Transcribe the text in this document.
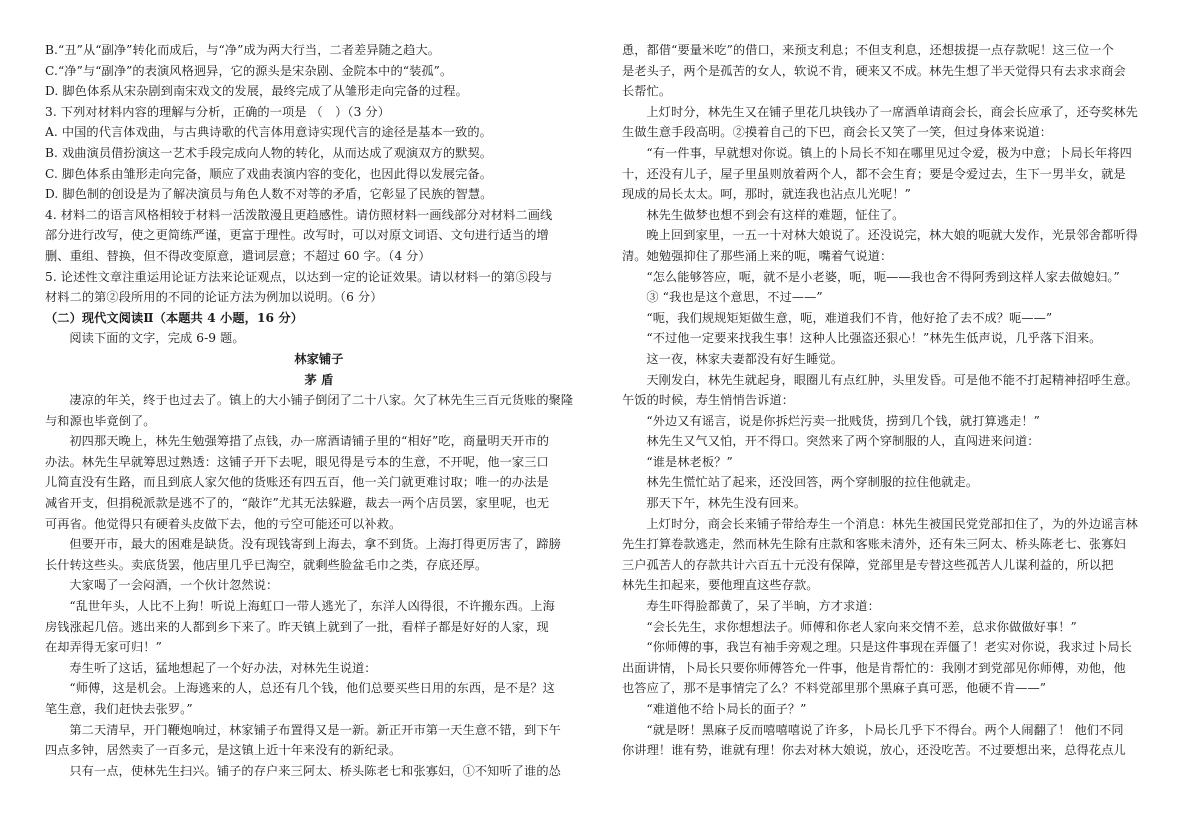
B.“丑”从“副净”转化而成后，与“净”成为两大行当，二者差异随之趋大。
C.“净”与“副净”的表演风格迥异，它的源头是宋杂剧、金院本中的“装孤”。
D. 脚色体系从宋杂剧到南宋戏文的发展，最终完成了从雏形走向完备的过程。
3. 下列对材料内容的理解与分析，正确的一项是 （　）（3 分）
A. 中国的代言体戏曲，与古典诗歌的代言体用意诗实现代言的途径是基本一致的。
B. 戏曲演员借扮演这一艺术手段完成向人物的转化，从而达成了观演双方的默契。
C. 脚色体系由雏形走向完备，顺应了戏曲表演内容的变化，也因此得以发展完备。
D. 脚色制的创设是为了解决演员与角色人数不对等的矛盾，它彰显了民族的智慧。
4. 材料二的语言风格相较于材料一活泼散漫且更趋感性。请仿照材料一画线部分对材料二画线
部分进行改写，使之更简练严谨，更富于理性。改写时，可以对原文词语、文句进行适当的增
删、重组、替换，但不得改变原意，遣词层意；不超过 60 字。（4 分）
5. 论述性文章注重运用论证方法来论证观点，以达到一定的论证效果。请以材料一的第⑤段与
材料二的第②段所用的不同的论证方法为例加以说明。（6 分）
（二）现代文阅读Ⅱ（本题共 4 小题，16 分）
阅读下面的文字，完成 6-9 题。
林家铺子
茅 盾
凄凉的年关，终于也过去了。镇上的大小铺子倒闭了二十八家。欠了林先生三百元货账的聚隆
与和源也毕竟倒了。
初四那天晚上，林先生勉强筹措了点钱，办一席酒请铺子里的“相好”吃，商量明天开市的
办法。林先生早就筹思过熟透：这铺子开下去呢，眼见得是亏本的生意，不开呢，他一家三口
儿简直没有生路，而且到底人家欠他的货账还有四五百，他一关门就更难讨取；唯一的办法是
减省开支，但捐税派款是逃不了的，“敲诈”尤其无法躲避，裁去一两个店员罢，家里呢，也无
可再省。他觉得只有硬着头皮做下去，他的亏空可能还可以补救。
但要开市，最大的困难是缺货。没有现钱寄到上海去，拿不到货。上海打得更厉害了，蹄膀
长什转这些头。卖底货罢，他店里几乎已淘空，就剩些脸盆毛巾之类，存底还厚。
大家喝了一会闷酒，一个伙计忽然说：
“乱世年头，人比不上狗！听说上海虹口一带人逃光了，东洋人凶得很，不许搬东西。上海
房钱涨起几倍。逃出来的人都到乡下来了。昨天镇上就到了一批，看样子都是好好的人家，现
在却弄得无家可归！”
寿生听了这话，猛地想起了一个好办法，对林先生说道：
“师傅，这是机会。上海逃来的人，总还有几个钱，他们总要买些日用的东西，是不是？这
笔生意，我们赶快去张罗。”
第二天清早，开门鞭炮响过，林家铺子布置得又是一新。新正开市第一天生意不错，到下午
四点多钟，居然卖了一百多元，是这镇上近十年来没有的新纪录。
只有一点，使林先生扫兴。铺子的存户来三阿太、桥头陈老七和张寡妇，①不知听了谁的怂
恿，都借“要量米吃”的借口，来预支利息；不但支利息，还想拔提一点存款呢！这三位一个
是老头子，两个是孤苦的女人，软说不肯，硬来又不成。林先生想了半天觉得只有去求求商会
长帮忙。
上灯时分，林先生又在铺子里花几块钱办了一席酒单请商会长，商会长应承了，还夸奖林先
生做生意手段高明。②摸着自己的下巴，商会长又笑了一笑，但过身体来说道：
“有一件事，早就想对你说。镇上的卜局长不知在哪里见过令爱，极为中意；卜局长年将四
十，还没有儿子，屋子里虽则放着两个人，都不会生育；要是令爱过去，生下一男半女，就是
现成的局长太太。呵，那时，就连我也沾点儿光呢！”
林先生做梦也想不到会有这样的难题，怔住了。
晚上回到家里，一五一十对林大娘说了。还没说完，林大娘的呃就大发作，光景邻舍都听得
清。她勉强抑住了那些涌上来的呃，嘴着气说道：
“怎么能够答应，呃，就不是小老婆，呃，呃——我也舍不得阿秀到这样人家去做媳妇。”
③ “我也是这个意思，不过——”
“呃，我们规规矩矩做生意，呃，难道我们不肯，他好抢了去不成？呃——”
“不过他一定要来找我生事！这种人比强盗还狠心！”林先生低声说，几乎落下泪来。
这一夜，林家夫妻都没有好生睡觉。
天刚发白，林先生就起身，眼圈儿有点红肿，头里发昏。可是他不能不打起精神招呼生意。
午饭的时候，寿生悄悄告诉道：
“外边又有谣言，说是你拆烂污卖一批贱货，捞到几个钱，就打算逃走！”
林先生又气又怕，开不得口。突然来了两个穿制服的人，直闯进来问道：
“谁是林老板？”
林先生慌忙站了起来，还没回答，两个穿制服的拉住他就走。
那天下午，林先生没有回来。
上灯时分，商会长来铺子带给寿生一个消息：林先生被国民党党部扣住了，为的外边谣言林
先生打算卷款逃走，然而林先生除有庄款和客账未清外，还有朱三阿太、桥头陈老七、张寡妇
三户孤苦人的存款共计六百五十元没有保障，党部里是专替这些孤苦人儿谋利益的，所以把
林先生扣起来，要他理直这些存款。
寿生吓得脸都黄了，呆了半晌，方才求道：
“会长先生，求你想想法子。师傅和你老人家向来交情不差，总求你做做好事！”
“你师傅的事，我岂有袖手旁观之理。只是这件事现在弄僵了！老实对你说，我求过卜局长
出面讲情，卜局长只要你师傅答允一件事，他是肯帮忙的：我刚才到党部见你师傅，劝他，他
也答应了，那不是事情完了么？不料党部里那个黑麻子真可恶，他硬不肯——”
“难道他不给卜局长的面子？”
“就是呀！黑麻子反而嘻嘻嘻说了许多，卜局长几乎下不得台。两个人闹翻了！ 他们不同
你讲理！谁有势，谁就有理！你去对林大娘说，放心，还没吃苦。不过要想出来，总得花点儿
